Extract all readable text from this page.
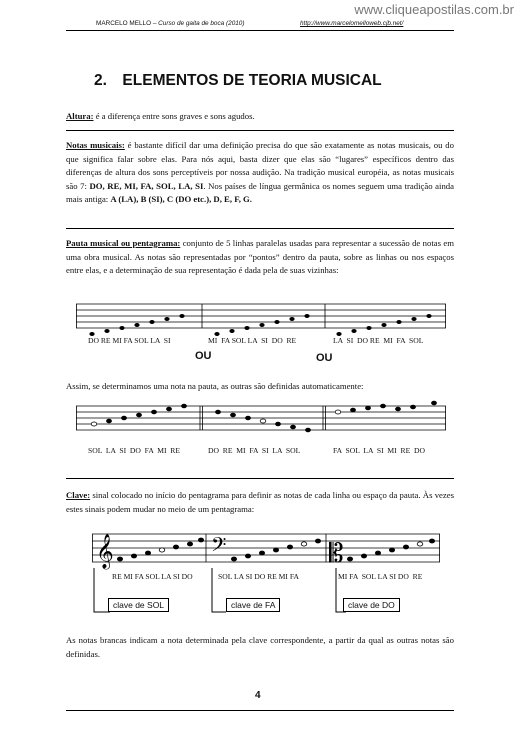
www.cliqueapostilas.com.br
MARCELO MELLO – Curso de gaita de boca (2010)	http://www.marcelomelloweb.cjb.net/
2. ELEMENTOS DE TEORIA MUSICAL
Altura: é a diferença entre sons graves e sons agudos.
Notas musicais: é bastante difícil dar uma definição precisa do que são exatamente as notas musicais, ou do que significa falar sobre elas. Para nós aqui, basta dizer que elas são “lugares” específicos dentro das diferenças de altura dos sons perceptíveis por nossa audição. Na tradição musical européia, as notas musicais são 7: DO, RE, MI, FA, SOL, LA, SI. Nos países de língua germânica os nomes seguem uma tradição ainda mais antiga: A (LA), B (SI), C (DO etc.), D, E, F, G.
Pauta musical ou pentagrama: conjunto de 5 linhas paralelas usadas para representar a sucessão de notas em uma obra musical. As notas são representadas por “pontos” dentro da pauta, sobre as linhas ou nos espaços entre elas, e a determinação de sua representação é dada pela de suas vizinhas:
DO RE MI FA SOL LA  SI	MI  FA SOL LA  SI  DO  RE	LA  SI  DO RE  MI  FA  SOL
OU	OU
Assim, se determinamos uma nota na pauta, as outras são definidas automaticamente:
SOL  LA  SI  DO  FA  MI  RE	DO  RE  MI  FA  SI  LA  SOL	FA  SOL  LA  SI  MI  RE  DO
Clave: sinal colocado no início do pentagrama para definir as notas de cada linha ou espaço da pauta. Às vezes estes sinais podem mudar no meio de um pentagrama:
𝄞	𝄢	𝄡
RE MI FA SOL LA SI DO	SOL LA SI DO RE MI FA	MI FA  SOL LA SI DO  RE
clave de SOL	clave de FA	clave de DO
As notas brancas indicam a nota determinada pela clave correspondente, a partir da qual as outras notas são definidas.
4
